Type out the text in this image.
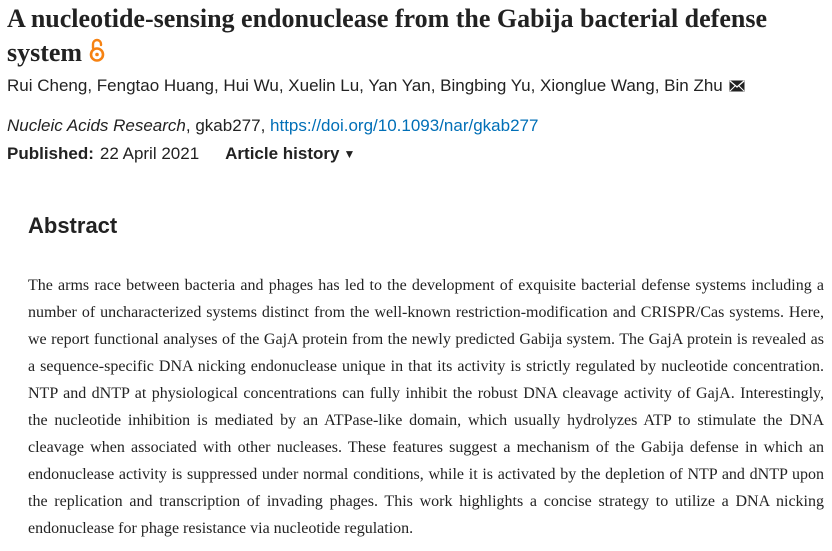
A nucleotide-sensing endonuclease from the Gabija bacterial defense system
Rui Cheng, Fengtao Huang, Hui Wu, Xuelin Lu, Yan Yan, Bingbing Yu, Xionglue Wang, Bin Zhu
Nucleic Acids Research, gkab277, https://doi.org/10.1093/nar/gkab277
Published: 22 April 2021 Article history ▼
Abstract

The arms race between bacteria and phages has led to the development of exquisite bacterial defense systems including a number of uncharacterized systems distinct from the well-known restriction-modification and CRISPR/Cas systems. Here, we report functional analyses of the GajA protein from the newly predicted Gabija system. The GajA protein is revealed as a sequence-specific DNA nicking endonuclease unique in that its activity is strictly regulated by nucleotide concentration. NTP and dNTP at physiological concentrations can fully inhibit the robust DNA cleavage activity of GajA. Interestingly, the nucleotide inhibition is mediated by an ATPase-like domain, which usually hydrolyzes ATP to stimulate the DNA cleavage when associated with other nucleases. These features suggest a mechanism of the Gabija defense in which an endonuclease activity is suppressed under normal conditions, while it is activated by the depletion of NTP and dNTP upon the replication and transcription of invading phages. This work highlights a concise strategy to utilize a DNA nicking endonuclease for phage resistance via nucleotide regulation.
